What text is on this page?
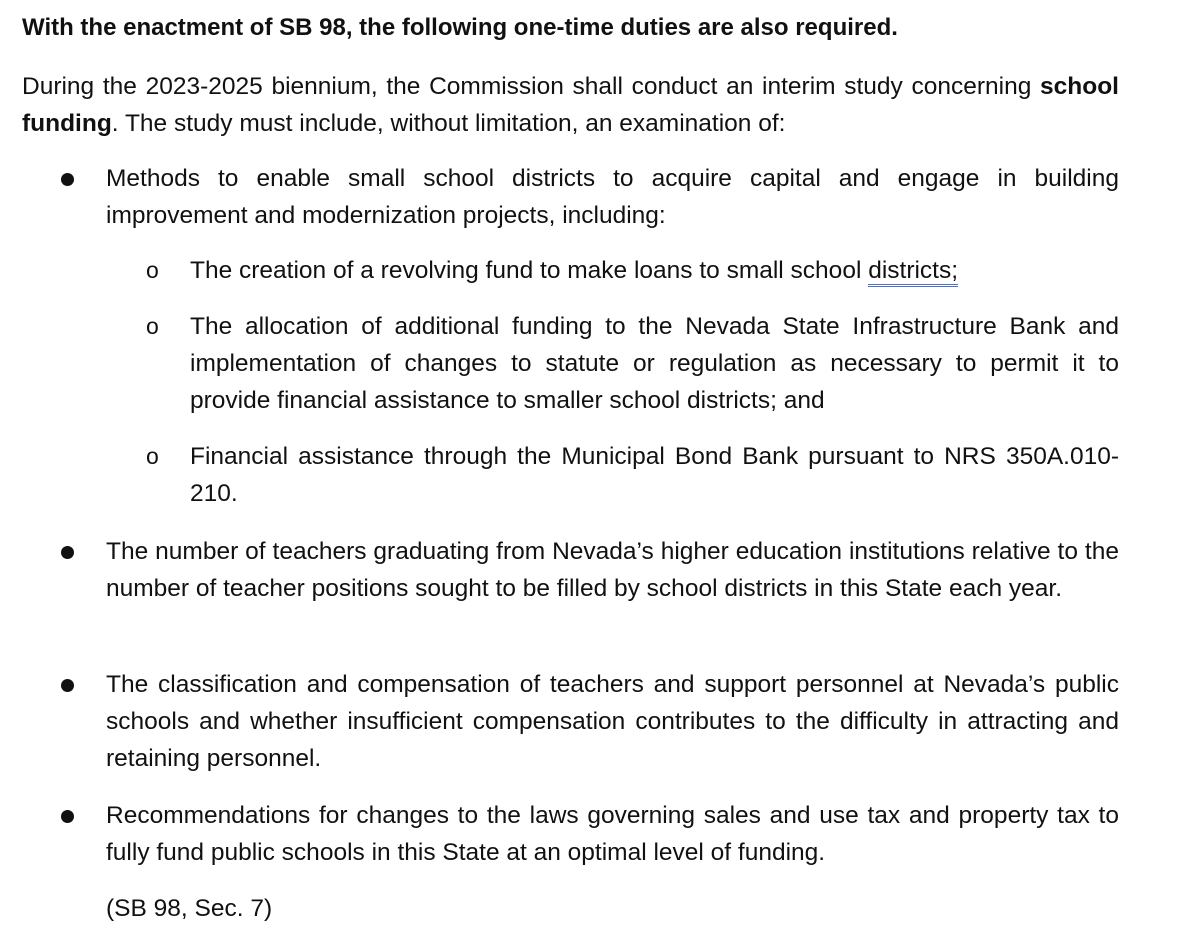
With the enactment of SB 98, the following one-time duties are also required.
During the 2023-2025 biennium, the Commission shall conduct an interim study concerning school funding. The study must include, without limitation, an examination of:
Methods to enable small school districts to acquire capital and engage in building improvement and modernization projects, including:
o The creation of a revolving fund to make loans to small school districts;
o The allocation of additional funding to the Nevada State Infrastructure Bank and implementation of changes to statute or regulation as necessary to permit it to provide financial assistance to smaller school districts; and
o Financial assistance through the Municipal Bond Bank pursuant to NRS 350A.010-210.
The number of teachers graduating from Nevada’s higher education institutions relative to the number of teacher positions sought to be filled by school districts in this State each year.
The classification and compensation of teachers and support personnel at Nevada’s public schools and whether insufficient compensation contributes to the difficulty in attracting and retaining personnel.
Recommendations for changes to the laws governing sales and use tax and property tax to fully fund public schools in this State at an optimal level of funding.
(SB 98, Sec. 7)
